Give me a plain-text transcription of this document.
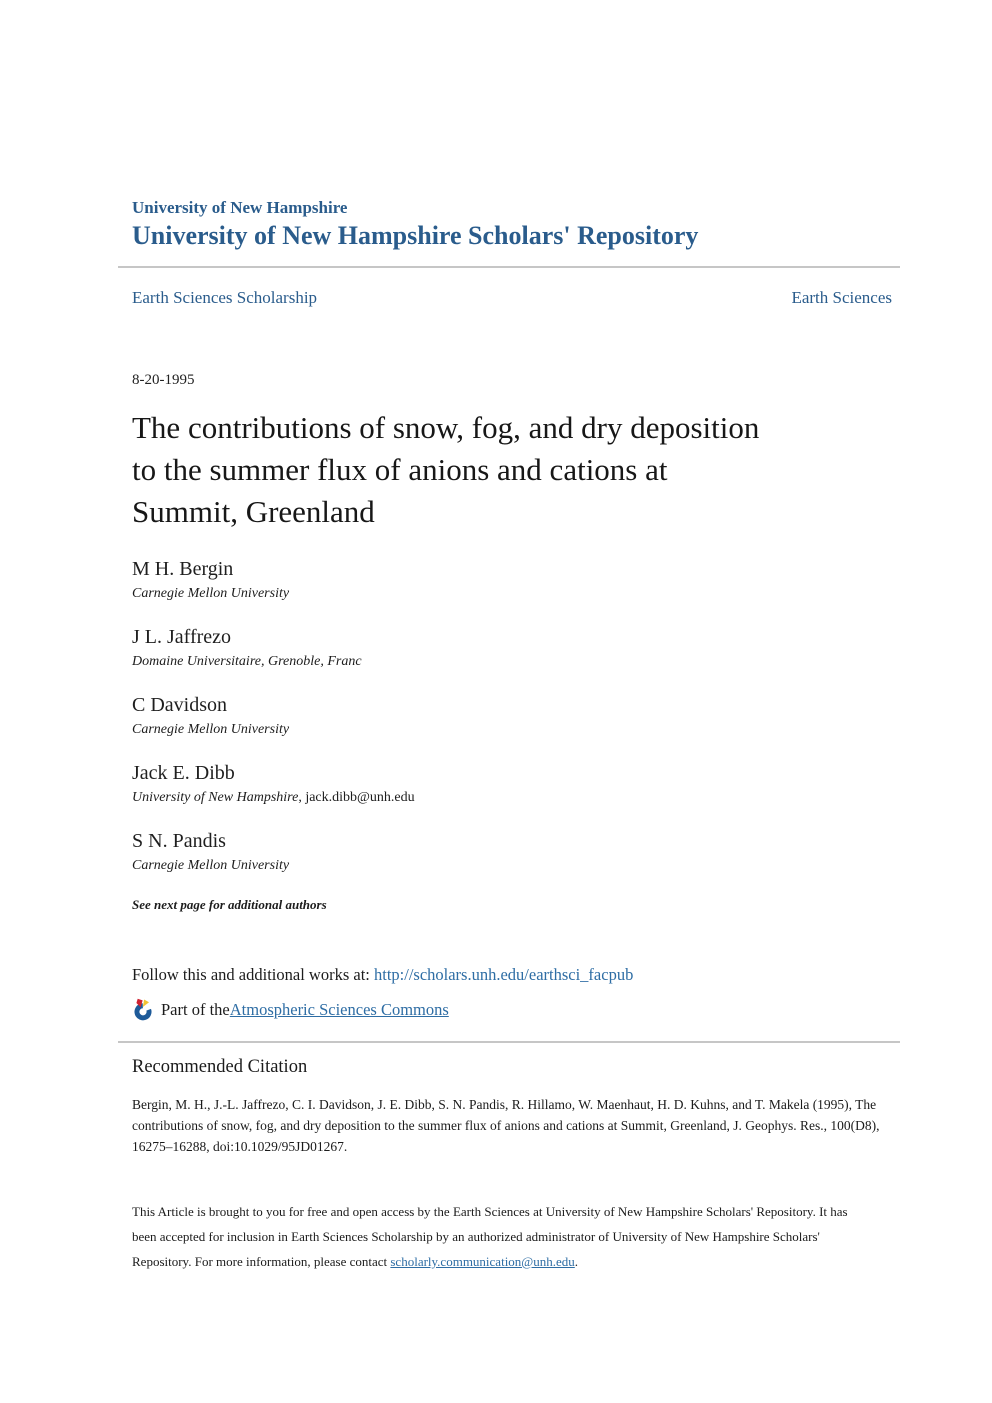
University of New Hampshire
University of New Hampshire Scholars' Repository
Earth Sciences Scholarship	Earth Sciences
8-20-1995
The contributions of snow, fog, and dry deposition
to the summer flux of anions and cations at
Summit, Greenland
M H. Bergin
Carnegie Mellon University
J L. Jaffrezo
Domaine Universitaire, Grenoble, Franc
C Davidson
Carnegie Mellon University
Jack E. Dibb
University of New Hampshire, jack.dibb@unh.edu
S N. Pandis
Carnegie Mellon University
See next page for additional authors
Follow this and additional works at: http://scholars.unh.edu/earthsci_facpub
Part of the Atmospheric Sciences Commons
Recommended Citation

Bergin, M. H., J.-L. Jaffrezo, C. I. Davidson, J. E. Dibb, S. N. Pandis, R. Hillamo, W. Maenhaut, H. D. Kuhns, and T. Makela (1995), The contributions of snow, fog, and dry deposition to the summer flux of anions and cations at Summit, Greenland, J. Geophys. Res., 100(D8), 16275–16288, doi:10.1029/95JD01267.

This Article is brought to you for free and open access by the Earth Sciences at University of New Hampshire Scholars' Repository. It has been accepted for inclusion in Earth Sciences Scholarship by an authorized administrator of University of New Hampshire Scholars' Repository. For more information, please contact scholarly.communication@unh.edu.
